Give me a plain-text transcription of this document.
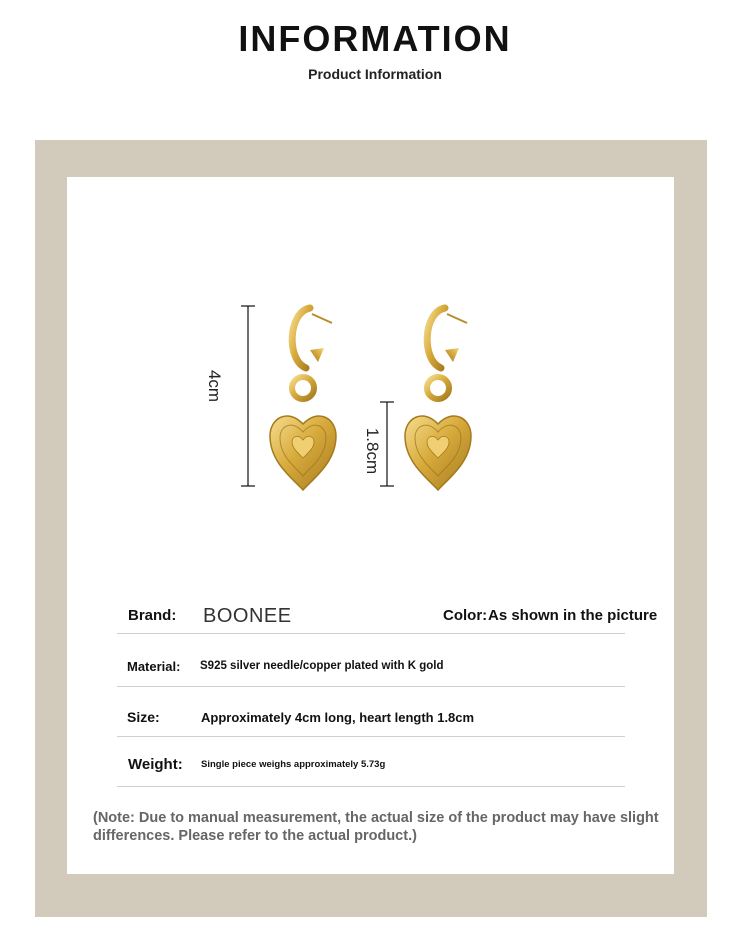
INFORMATION
Product Information
4cm
1.8cm
Brand: BOONEE	Color: As shown in the picture
Material: S925 silver needle/copper plated with K gold
Size:	Approximately 4cm long, heart length 1.8cm
Weight: Single piece weighs approximately 5.73g
(Note: Due to manual measurement, the actual size of the product may have slight
differences. Please refer to the actual product.)
